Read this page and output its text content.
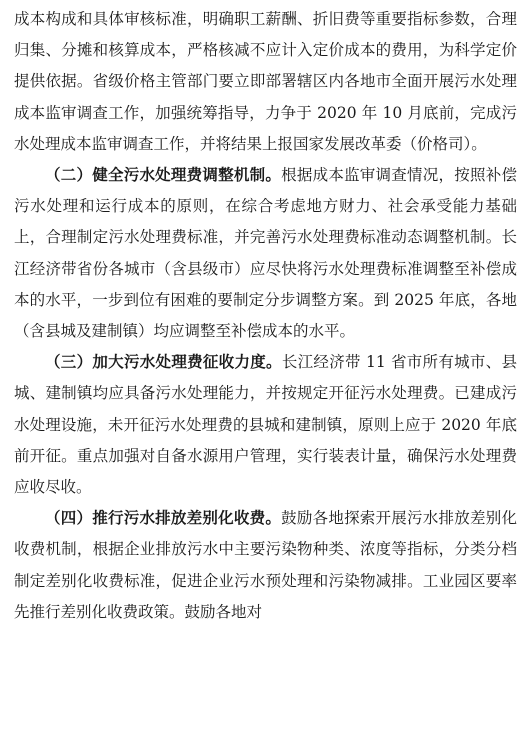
成本构成和具体审核标准，明确职工薪酬、折旧费等重要指标参数，合理归集、分摊和核算成本，严格核减不应计入定价成本的费用，为科学定价提供依据。省级价格主管部门要立即部署辖区内各地市全面开展污水处理成本监审调查工作，加强统筹指导，力争于 2020 年 10 月底前，完成污水处理成本监审调查工作，并将结果上报国家发展改革委（价格司）。

（二）健全污水处理费调整机制。根据成本监审调查情况，按照补偿污水处理和运行成本的原则，在综合考虑地方财力、社会承受能力基础上，合理制定污水处理费标准，并完善污水处理费标准动态调整机制。长江经济带省份各城市（含县级市）应尽快将污水处理费标准调整至补偿成本的水平，一步到位有困难的要制定分步调整方案。到 2025 年底，各地（含县城及建制镇）均应调整至补偿成本的水平。

（三）加大污水处理费征收力度。长江经济带 11 省市所有城市、县城、建制镇均应具备污水处理能力，并按规定开征污水处理费。已建成污水处理设施，未开征污水处理费的县城和建制镇，原则上应于 2020 年底前开征。重点加强对自备水源用户管理，实行装表计量，确保污水处理费应收尽收。

（四）推行污水排放差别化收费。鼓励各地探索开展污水排放差别化收费机制，根据企业排放污水中主要污染物种类、浓度等指标，分类分档制定差别化收费标准，促进企业污水预处理和污染物减排。工业园区要率先推行差别化收费政策。鼓励各地对
